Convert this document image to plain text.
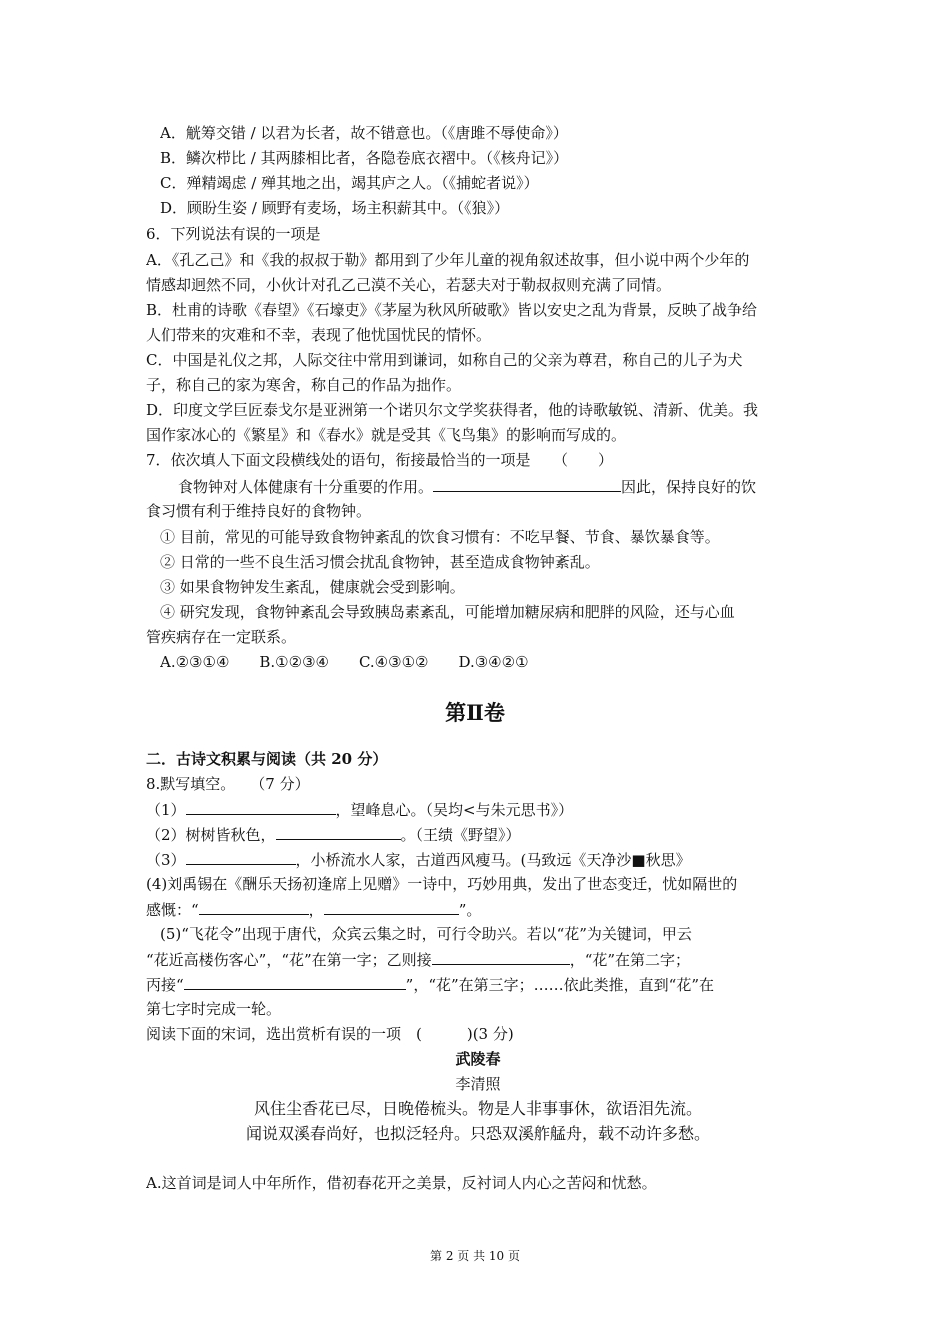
A．觥筹交错 / 以君为长者，故不错意也。（《唐雎不辱使命》）
B．鳞次栉比 / 其两膝相比者，各隐卷底衣褶中。（《核舟记》）
C．殚精竭虑 / 殚其地之出，竭其庐之人。（《捕蛇者说》）
D．顾盼生姿 / 顾野有麦场，场主积薪其中。（《狼》）
6．下列说法有误的一项是
A．《孔乙己》和《我的叔叔于勒》都用到了少年儿童的视角叙述故事，但小说中两个少年的
情感却迥然不同，小伙计对孔乙己漠不关心，若瑟夫对于勒叔叔则充满了同情。
B．杜甫的诗歌《春望》《石壕吏》《茅屋为秋风所破歌》皆以安史之乱为背景，反映了战争给
人们带来的灾难和不幸，表现了他忧国忧民的情怀。
C．中国是礼仪之邦，人际交往中常用到谦词，如称自己的父亲为尊君，称自己的儿子为犬
子，称自己的家为寒舍，称自己的作品为拙作。
D．印度文学巨匠泰戈尔是亚洲第一个诺贝尔文学奖获得者，他的诗歌敏锐、清新、优美。我
国作家冰心的《繁星》和《春水》就是受其《飞鸟集》的影响而写成的。
7．依次填人下面文段横线处的语句，衔接最恰当的一项是　　（　　）
食物钟对人体健康有十分重要的作用。	因此，保持良好的饮
食习惯有利于维持良好的食物钟。
① 目前，常见的可能导致食物钟紊乱的饮食习惯有：不吃早餐、节食、暴饮暴食等。
② 日常的一些不良生活习惯会扰乱食物钟，甚至造成食物钟紊乱。
③ 如果食物钟发生紊乱，健康就会受到影响。
④ 研究发现，食物钟紊乱会导致胰岛素紊乱，可能增加糖尿病和肥胖的风险，还与心血
管疾病存在一定联系。
A.②③①④　　B.①②③④　　C.④③①②　　D.③④②①
第Ⅱ卷
二．古诗文积累与阅读（共 20 分）
8.默写填空。　　（7 分）
（1）	，望峰息心。（吴均<与朱元思书》）
（2）树树皆秋色，	。（王绩《野望》）
（3）	，小桥流水人家，古道西风瘦马。(马致远《天净沙■秋思》
(4)刘禹锡在《酬乐天扬初逢席上见赠》一诗中，巧妙用典，发出了世态变迁，忧如隔世的
感慨：“	，	”。
(5)“飞花令”出现于唐代，众宾云集之时，可行令助兴。若以“花”为关键词，甲云
“花近高楼伤客心”，“花”在第一字；乙则接	，“花”在第二字；
丙接“	”，“花”在第三字；……依此类推，直到“花”在
第七字时完成一轮。
阅读下面的宋词，选出赏析有误的一项　(　　　)(3 分)
武陵春
李清照
风住尘香花已尽，日晚倦梳头。物是人非事事休，欲语泪先流。
闻说双溪春尚好，也拟泛轻舟。只恐双溪舴艋舟，载不动许多愁。
A.这首词是词人中年所作，借初春花开之美景，反衬词人内心之苦闷和忧愁。
第 2 页 共 10 页
